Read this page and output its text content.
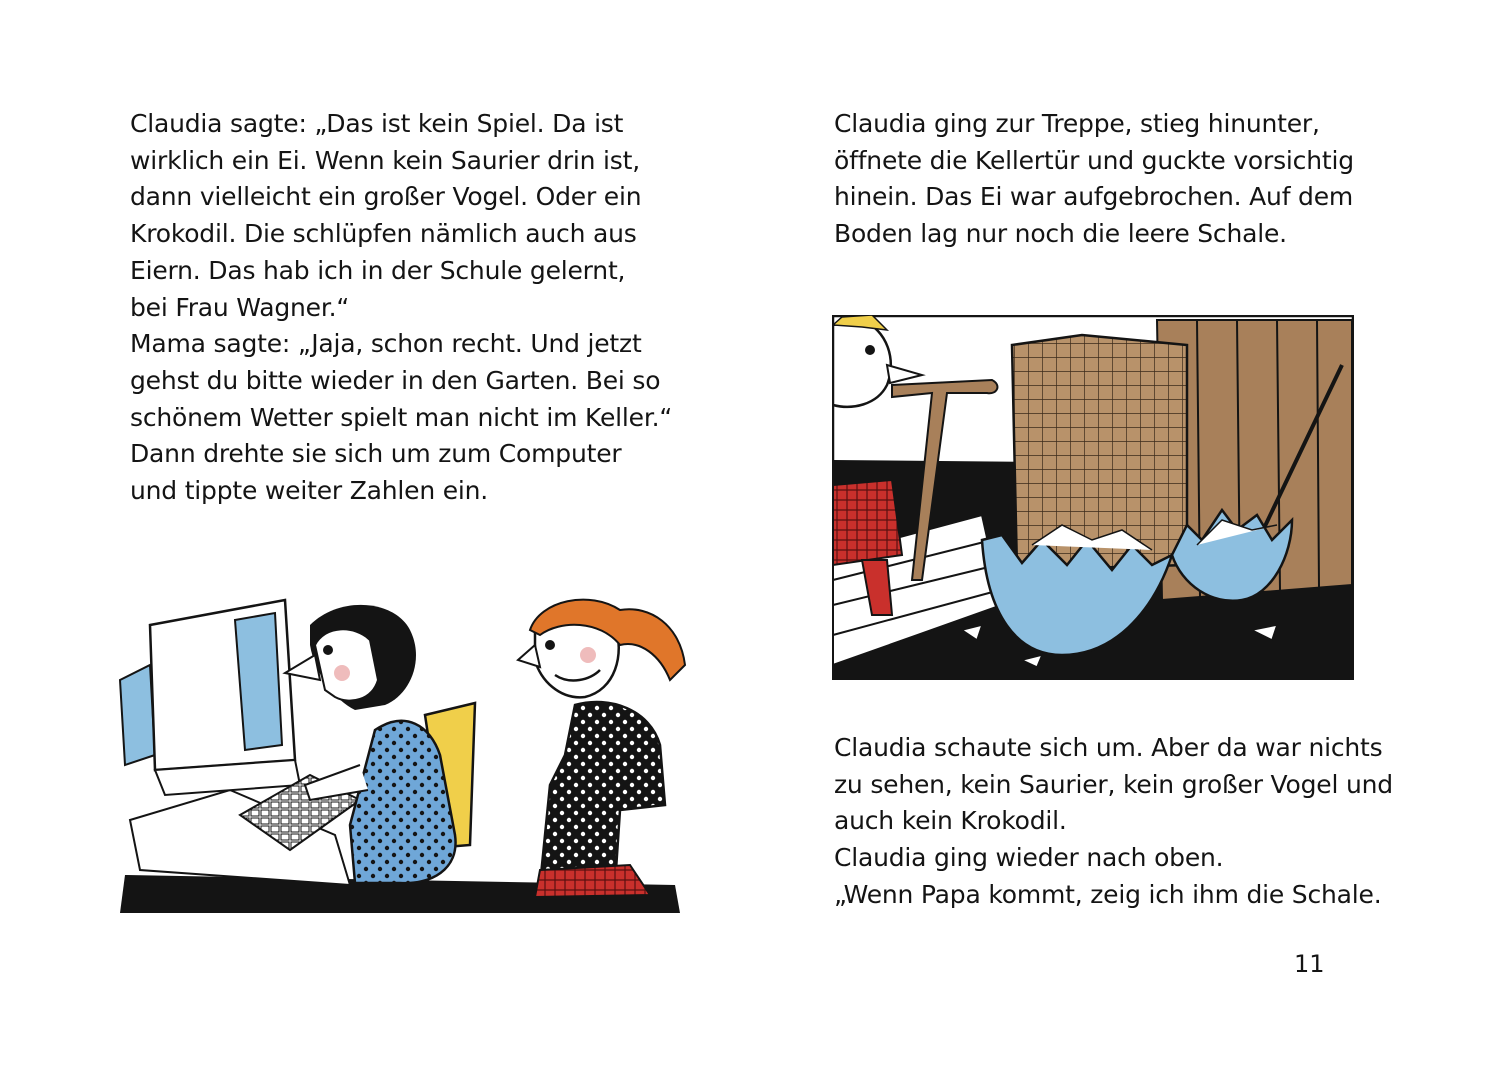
Claudia sagte: „Das ist kein Spiel. Da ist
wirklich ein Ei. Wenn kein Saurier drin ist,
dann vielleicht ein großer Vogel. Oder ein
Krokodil. Die schlüpfen nämlich auch aus
Eiern. Das hab ich in der Schule gelernt,
bei Frau Wagner.“
Mama sagte: „Jaja, schon recht. Und jetzt
gehst du bitte wieder in den Garten. Bei so
schönem Wetter spielt man nicht im Keller.“
Dann drehte sie sich um zum Computer
und tippte weiter Zahlen ein.
Claudia ging zur Treppe, stieg hinunter,
öffnete die Kellertür und guckte vorsichtig
hinein. Das Ei war aufgebrochen. Auf dem
Boden lag nur noch die leere Schale.
Claudia schaute sich um. Aber da war nichts
zu sehen, kein Saurier, kein großer Vogel und
auch kein Krokodil.
Claudia ging wieder nach oben.
„Wenn Papa kommt, zeig ich ihm die Schale.
11
